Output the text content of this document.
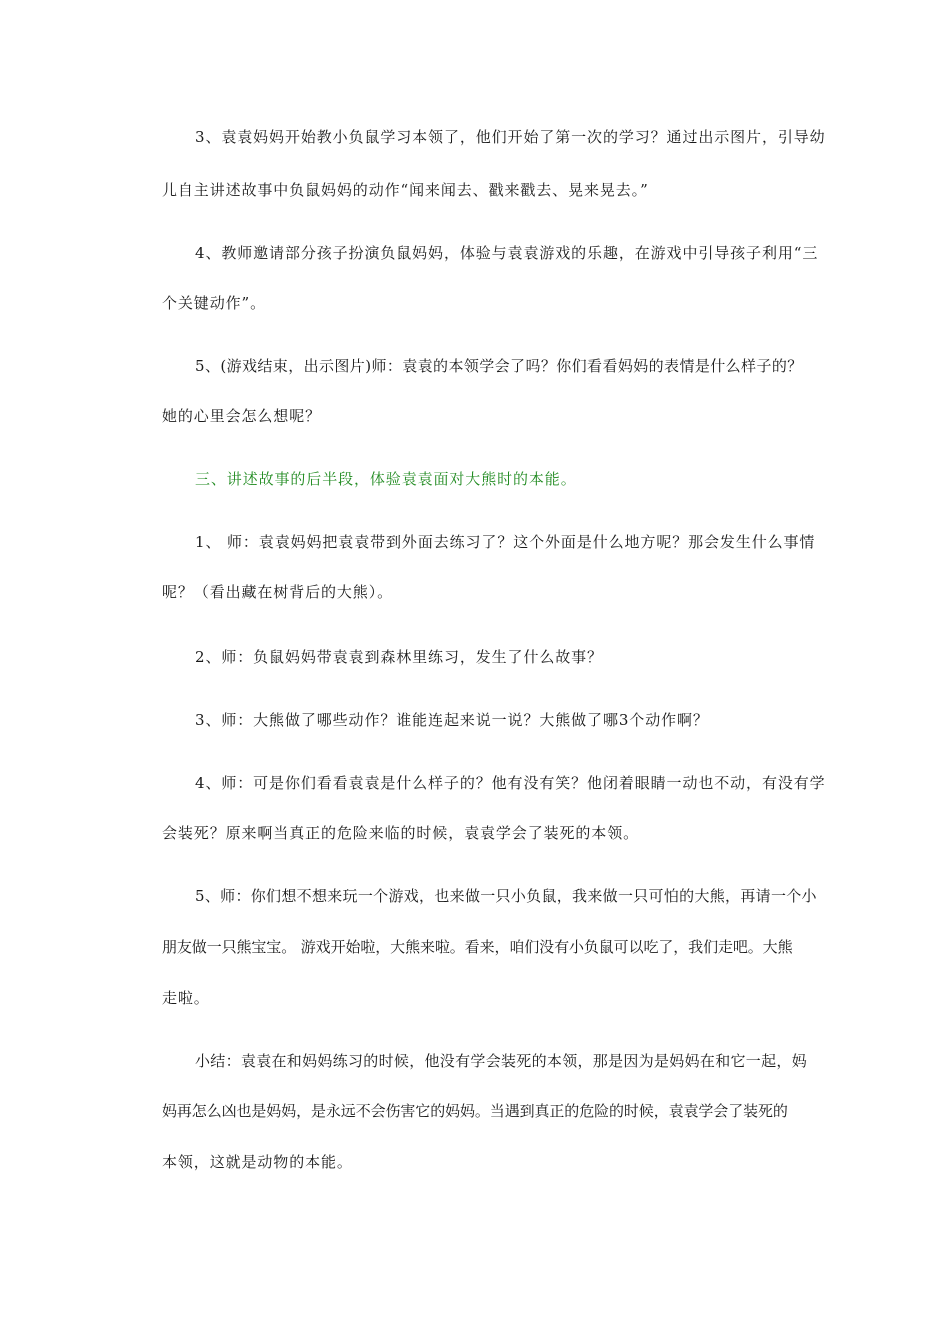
3、袁袁妈妈开始教小负鼠学习本领了，他们开始了第一次的学习？通过出示图片，引导幼
儿自主讲述故事中负鼠妈妈的动作“闻来闻去、戳来戳去、晃来晃去。”
4、教师邀请部分孩子扮演负鼠妈妈，体验与袁袁游戏的乐趣，在游戏中引导孩子利用“三
个关键动作”。
5、(游戏结束，出示图片)师：袁袁的本领学会了吗？你们看看妈妈的表情是什么样子的？
她的心里会怎么想呢？
三、讲述故事的后半段，体验袁袁面对大熊时的本能。
1、 师：袁袁妈妈把袁袁带到外面去练习了？这个外面是什么地方呢？那会发生什么事情
呢？（看出藏在树背后的大熊）。
2、师：负鼠妈妈带袁袁到森林里练习，发生了什么故事？
3、师：大熊做了哪些动作？谁能连起来说一说？大熊做了哪3个动作啊？
4、师：可是你们看看袁袁是什么样子的？他有没有笑？他闭着眼睛一动也不动，有没有学
会装死？原来啊当真正的危险来临的时候，袁袁学会了装死的本领。
5、师：你们想不想来玩一个游戏，也来做一只小负鼠，我来做一只可怕的大熊，再请一个小
朋友做一只熊宝宝。 游戏开始啦，大熊来啦。看来，咱们没有小负鼠可以吃了，我们走吧。大熊
走啦。
小结：袁袁在和妈妈练习的时候，他没有学会装死的本领，那是因为是妈妈在和它一起，妈
妈再怎么凶也是妈妈，是永远不会伤害它的妈妈。当遇到真正的危险的时候，袁袁学会了装死的
本领，这就是动物的本能。
